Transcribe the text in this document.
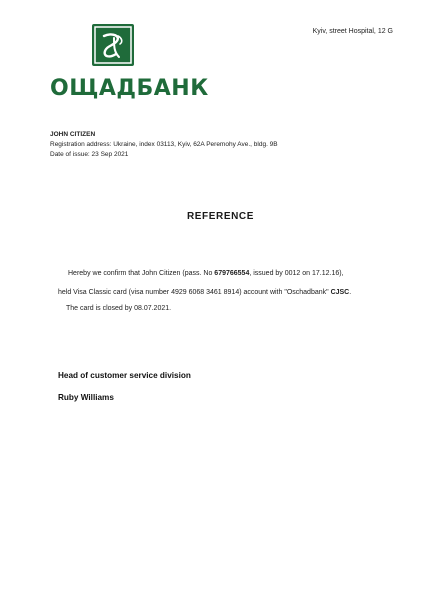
Kyiv, street Hospital, 12 G
ОЩАДБАНК
JOHN CITIZEN
Registration address: Ukraine, index 03113, Kyiv, 62A Peremohy Ave., bldg. 9B
Date of issue: 23 Sep 2021
REFERENCE
Hereby we confirm that John Citizen (pass. No 679766554, issued by 0012 on 17.12.16),
held Visa Classic card (visa number 4929 6068 3461 8914) account with "Oschadbank" CJSC.
The card is closed by 08.07.2021.
Head of customer service division
Ruby Williams
